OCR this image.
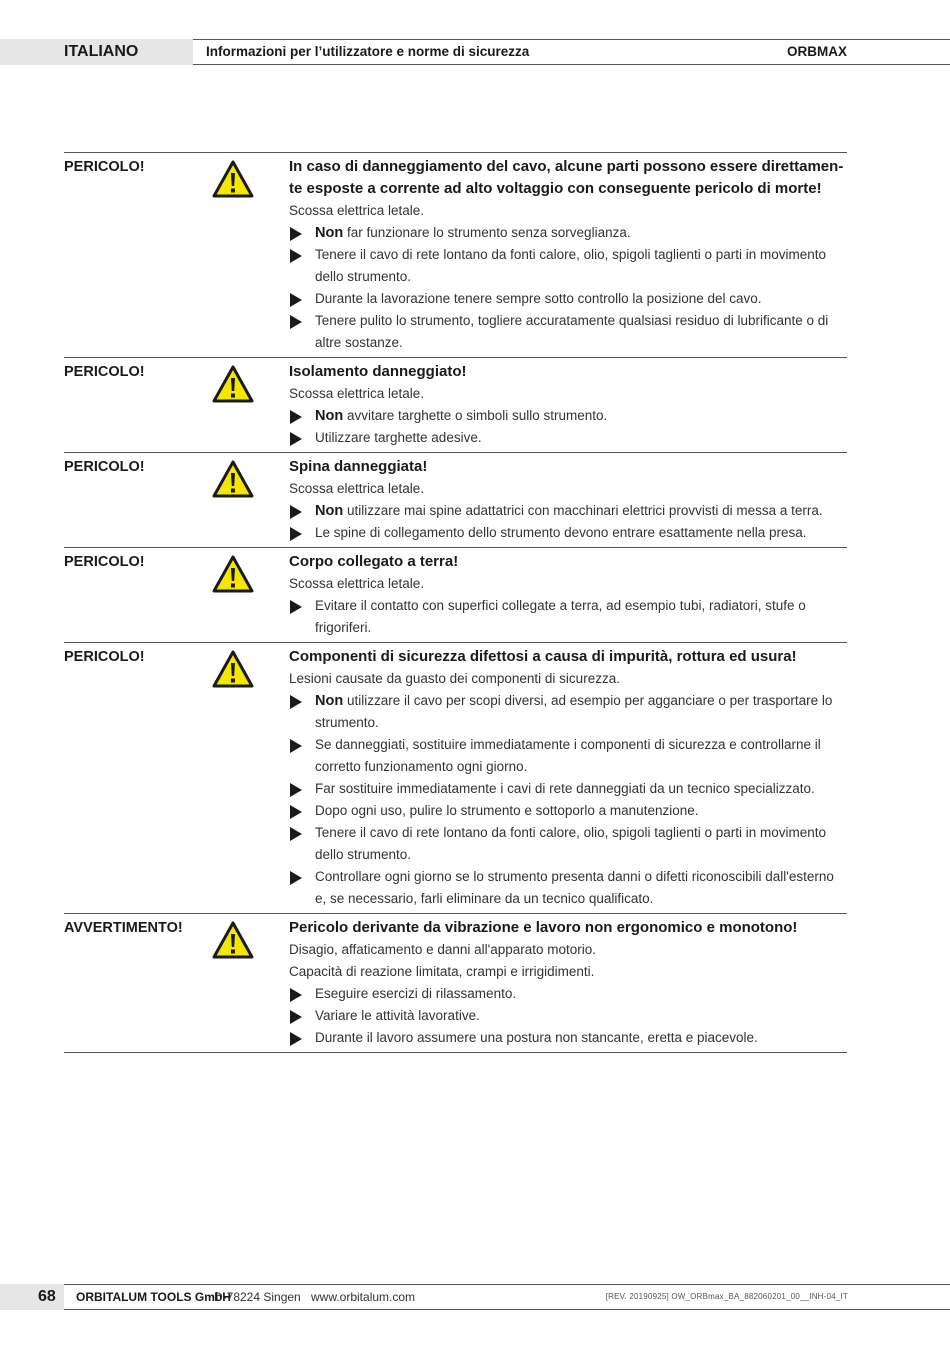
ITALIANO	Informazioni per l’utilizzatore e norme di sicurezza	ORBMAX
PERICOLO!	In caso di danneggiamento del cavo, alcune parti possono essere direttamente esposte a corrente ad alto voltaggio con conseguente pericolo di morte!
Scossa elettrica letale.
Non far funzionare lo strumento senza sorveglianza.
Tenere il cavo di rete lontano da fonti calore, olio, spigoli taglienti o parti in movimento dello strumento.
Durante la lavorazione tenere sempre sotto controllo la posizione del cavo.
Tenere pulito lo strumento, togliere accuratamente qualsiasi residuo di lubrificante o di altre sostanze.
PERICOLO!	Isolamento danneggiato!
Scossa elettrica letale.
Non avvitare targhette o simboli sullo strumento.
Utilizzare targhette adesive.
PERICOLO!	Spina danneggiata!
Scossa elettrica letale.
Non utilizzare mai spine adattatrici con macchinari elettrici provvisti di messa a terra.
Le spine di collegamento dello strumento devono entrare esattamente nella presa.
PERICOLO!	Corpo collegato a terra!
Scossa elettrica letale.
Evitare il contatto con superfici collegate a terra, ad esempio tubi, radiatori, stufe o frigoriferi.
PERICOLO!	Componenti di sicurezza difettosi a causa di impurità, rottura ed usura!
Lesioni causate da guasto dei componenti di sicurezza.
Non utilizzare il cavo per scopi diversi, ad esempio per agganciare o per trasportare lo strumento.
Se danneggiati, sostituire immediatamente i componenti di sicurezza e controllarne il corretto funzionamento ogni giorno.
Far sostituire immediatamente i cavi di rete danneggiati da un tecnico specializzato.
Dopo ogni uso, pulire lo strumento e sottoporlo a manutenzione.
Tenere il cavo di rete lontano da fonti calore, olio, spigoli taglienti o parti in movimento dello strumento.
Controllare ogni giorno se lo strumento presenta danni o difetti riconoscibili dall'esterno e, se necessario, farli eliminare da un tecnico qualificato.
AVVERTIMENTO!	Pericolo derivante da vibrazione e lavoro non ergonomico e monotono!
Disagio, affaticamento e danni all'apparato motorio.
Capacità di reazione limitata, crampi e irrigidimenti.
Eseguire esercizi di rilassamento.
Variare le attività lavorative.
Durante il lavoro assumere una postura non stancante, eretta e piacevole.
68	ORBITALUM TOOLS GmbH
D-78224 Singen www.orbitalum.com	[REV. 20190925] OW_ORBmax_BA_882060201_00__INH-04_IT
